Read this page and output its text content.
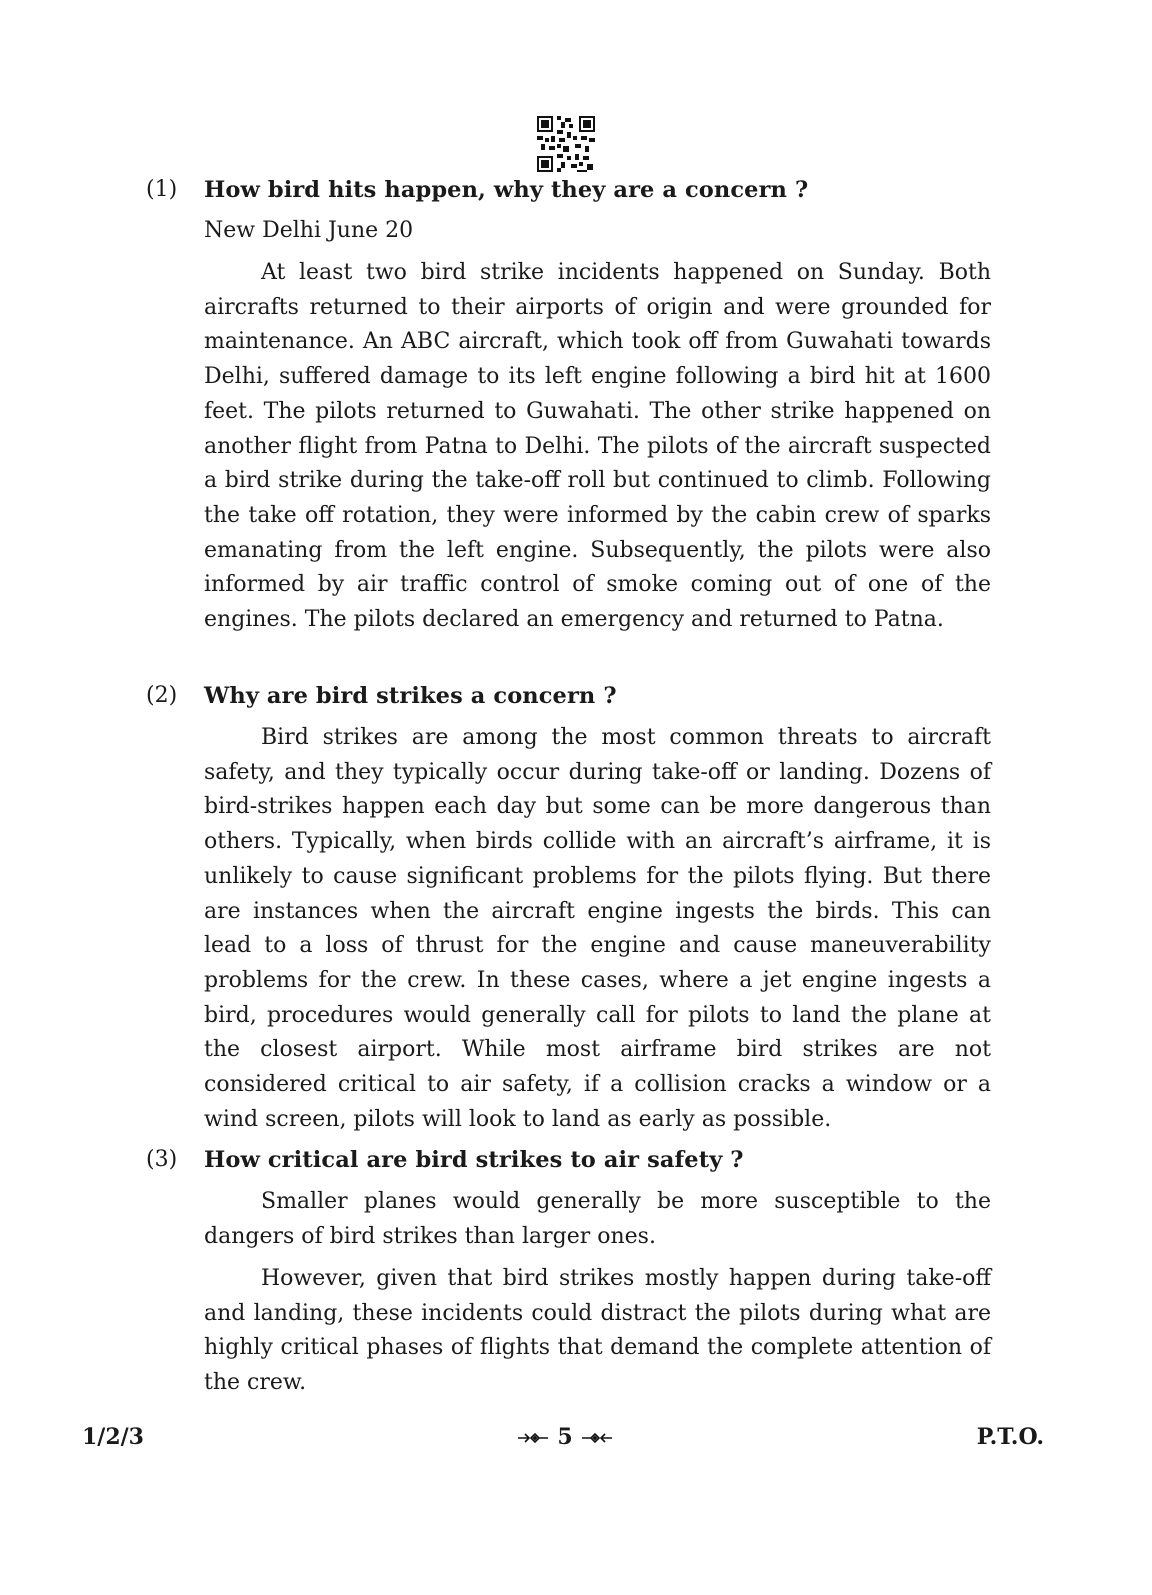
(1) How bird hits happen, why they are a concern ?
New Delhi June 20

At least two bird strike incidents happened on Sunday. Both aircrafts returned to their airports of origin and were grounded for maintenance. An ABC aircraft, which took off from Guwahati towards Delhi, suffered damage to its left engine following a bird hit at 1600 feet. The pilots returned to Guwahati. The other strike happened on another flight from Patna to Delhi. The pilots of the aircraft suspected a bird strike during the take-off roll but continued to climb. Following the take off rotation, they were informed by the cabin crew of sparks emanating from the left engine. Subsequently, the pilots were also informed by air traffic control of smoke coming out of one of the engines. The pilots declared an emergency and returned to Patna.

(2) Why are bird strikes a concern ?

Bird strikes are among the most common threats to aircraft safety, and they typically occur during take-off or landing. Dozens of bird-strikes happen each day but some can be more dangerous than others. Typically, when birds collide with an aircraft’s airframe, it is unlikely to cause significant problems for the pilots flying. But there are instances when the aircraft engine ingests the birds. This can lead to a loss of thrust for the engine and cause maneuverability problems for the crew. In these cases, where a jet engine ingests a bird, procedures would generally call for pilots to land the plane at the closest airport. While most airframe bird strikes are not considered critical to air safety, if a collision cracks a window or a wind screen, pilots will look to land as early as possible.

(3) How critical are bird strikes to air safety ?

Smaller planes would generally be more susceptible to the dangers of bird strikes than larger ones.

However, given that bird strikes mostly happen during take-off and landing, these incidents could distract the pilots during what are highly critical phases of flights that demand the complete attention of the crew.

1/2/3	5	P.T.O.
